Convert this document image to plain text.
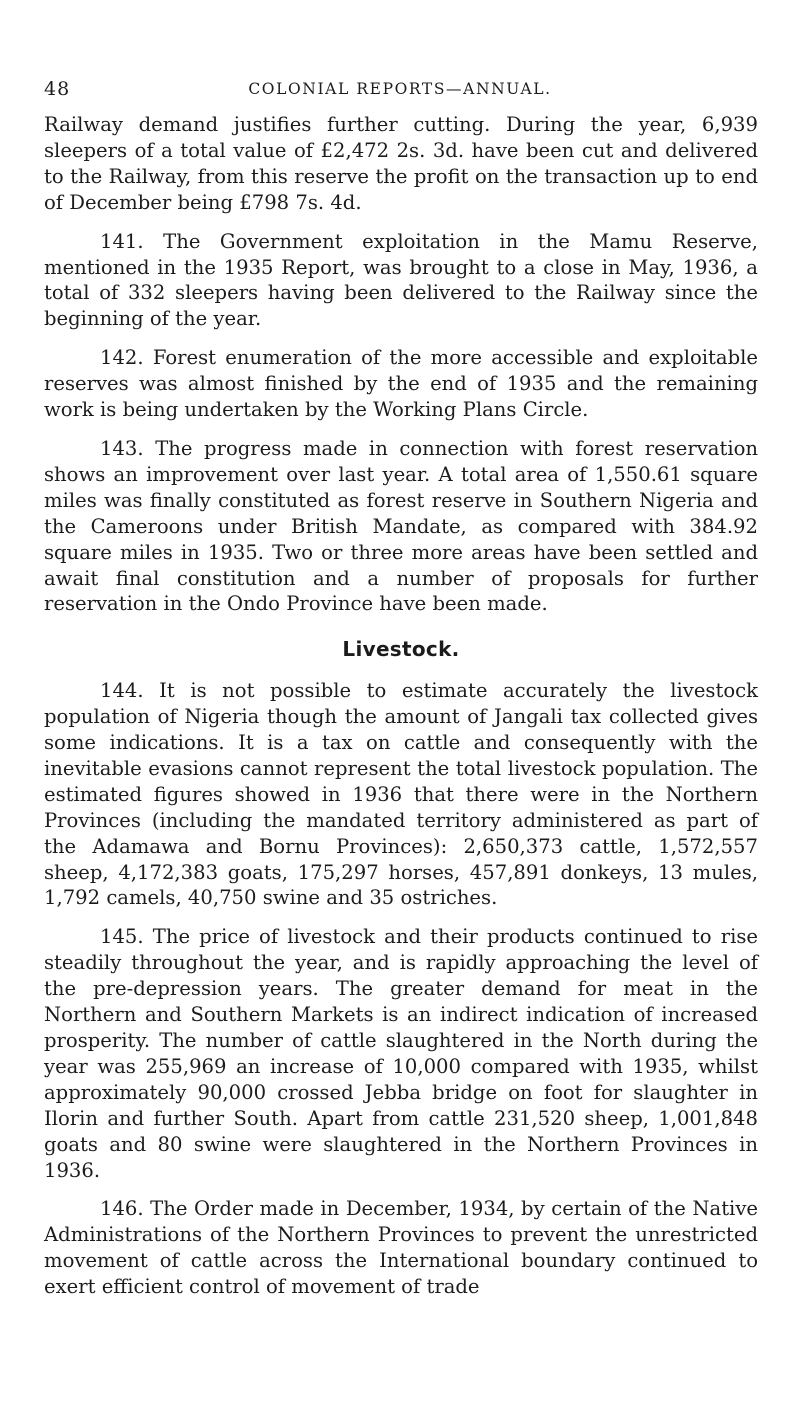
48	COLONIAL REPORTS—ANNUAL.

Railway demand justifies further cutting. During the year, 6,939 sleepers of a total value of £2,472 2s. 3d. have been cut and delivered to the Railway, from this reserve the profit on the transaction up to end of December being £798 7s. 4d.

141. The Government exploitation in the Mamu Reserve, mentioned in the 1935 Report, was brought to a close in May, 1936, a total of 332 sleepers having been delivered to the Railway since the beginning of the year.

142. Forest enumeration of the more accessible and exploitable reserves was almost finished by the end of 1935 and the remaining work is being undertaken by the Working Plans Circle.

143. The progress made in connection with forest reservation shows an improvement over last year. A total area of 1,550.61 square miles was finally constituted as forest reserve in Southern Nigeria and the Cameroons under British Mandate, as compared with 384.92 square miles in 1935. Two or three more areas have been settled and await final constitution and a number of proposals for further reservation in the Ondo Province have been made.

Livestock.

144. It is not possible to estimate accurately the livestock population of Nigeria though the amount of Jangali tax collected gives some indications. It is a tax on cattle and consequently with the inevitable evasions cannot represent the total livestock population. The estimated figures showed in 1936 that there were in the Northern Provinces (including the mandated territory administered as part of the Adamawa and Bornu Provinces): 2,650,373 cattle, 1,572,557 sheep, 4,172,383 goats, 175,297 horses, 457,891 donkeys, 13 mules, 1,792 camels, 40,750 swine and 35 ostriches.

145. The price of livestock and their products continued to rise steadily throughout the year, and is rapidly approaching the level of the pre-depression years. The greater demand for meat in the Northern and Southern Markets is an indirect indication of increased prosperity. The number of cattle slaughtered in the North during the year was 255,969 an increase of 10,000 compared with 1935, whilst approximately 90,000 crossed Jebba bridge on foot for slaughter in Ilorin and further South. Apart from cattle 231,520 sheep, 1,001,848 goats and 80 swine were slaughtered in the Northern Provinces in 1936.

146. The Order made in December, 1934, by certain of the Native Administrations of the Northern Provinces to prevent the unrestricted movement of cattle across the International boundary continued to exert efficient control of movement of trade
